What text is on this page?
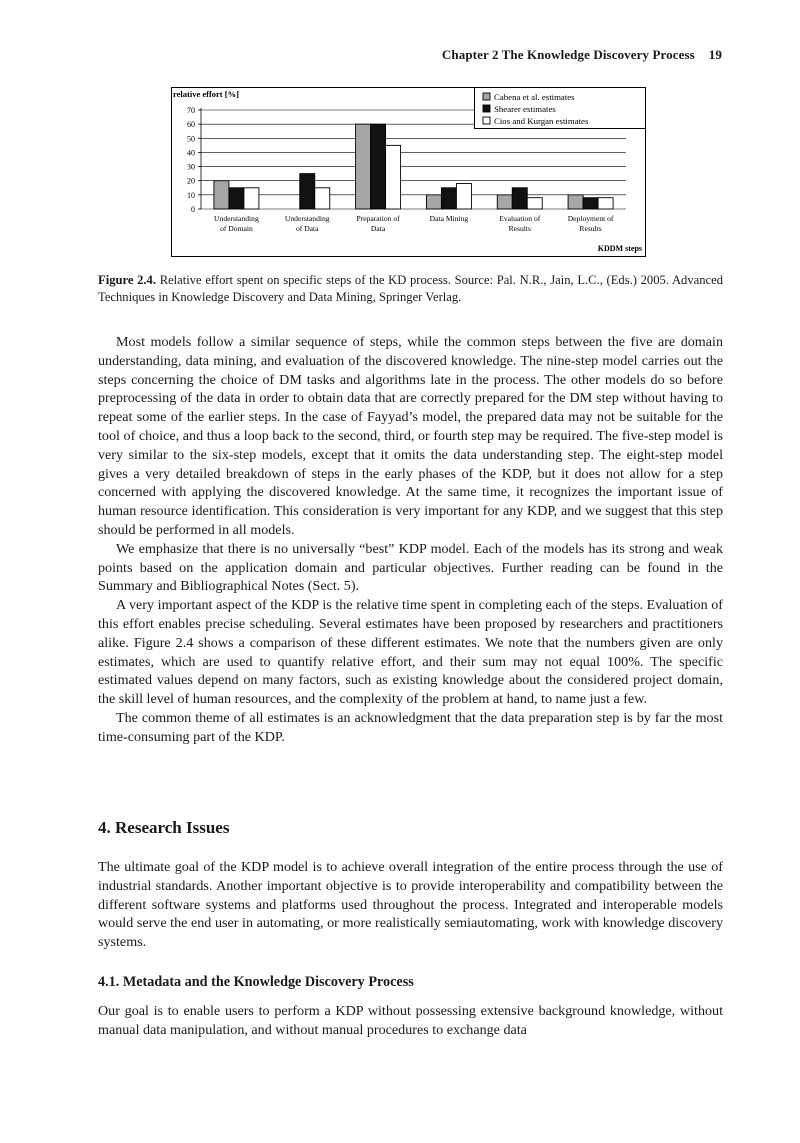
Chapter 2 The Knowledge Discovery Process 19
0
10
20
30
40
50
60
70
relative effort [%]
Understanding
of Domain
Understanding
of Data
Preparation of
Data
Data Mining	Evaluation of
Results
Deployment of
Results
KDDM steps
Cabena et al. estimates
Shearer estimates
Cios and Kurgan estimates
Figure 2.4. Relative effort spent on specific steps of the KD process. Source: Pal. N.R., Jain, L.C., (Eds.) 2005. Advanced Techniques in Knowledge Discovery and Data Mining, Springer Verlag.

Most models follow a similar sequence of steps, while the common steps between the five are domain understanding, data mining, and evaluation of the discovered knowledge. The nine-step model carries out the steps concerning the choice of DM tasks and algorithms late in the process. The other models do so before preprocessing of the data in order to obtain data that are correctly prepared for the DM step without having to repeat some of the earlier steps. In the case of Fayyad’s model, the prepared data may not be suitable for the tool of choice, and thus a loop back to the second, third, or fourth step may be required. The five-step model is very similar to the six-step models, except that it omits the data understanding step. The eight-step model gives a very detailed breakdown of steps in the early phases of the KDP, but it does not allow for a step concerned with applying the discovered knowledge. At the same time, it recognizes the important issue of human resource identification. This consideration is very important for any KDP, and we suggest that this step should be performed in all models.

We emphasize that there is no universally “best” KDP model. Each of the models has its strong and weak points based on the application domain and particular objectives. Further reading can be found in the Summary and Bibliographical Notes (Sect. 5).

A very important aspect of the KDP is the relative time spent in completing each of the steps. Evaluation of this effort enables precise scheduling. Several estimates have been proposed by researchers and practitioners alike. Figure 2.4 shows a comparison of these different estimates. We note that the numbers given are only estimates, which are used to quantify relative effort, and their sum may not equal 100%. The specific estimated values depend on many factors, such as existing knowledge about the considered project domain, the skill level of human resources, and the complexity of the problem at hand, to name just a few.

The common theme of all estimates is an acknowledgment that the data preparation step is by far the most time-consuming part of the KDP.

4. Research Issues

The ultimate goal of the KDP model is to achieve overall integration of the entire process through the use of industrial standards. Another important objective is to provide interoperability and compatibility between the different software systems and platforms used throughout the process. Integrated and interoperable models would serve the end user in automating, or more realistically semiautomating, work with knowledge discovery systems.

4.1. Metadata and the Knowledge Discovery Process

Our goal is to enable users to perform a KDP without possessing extensive background knowledge, without manual data manipulation, and without manual procedures to exchange data
